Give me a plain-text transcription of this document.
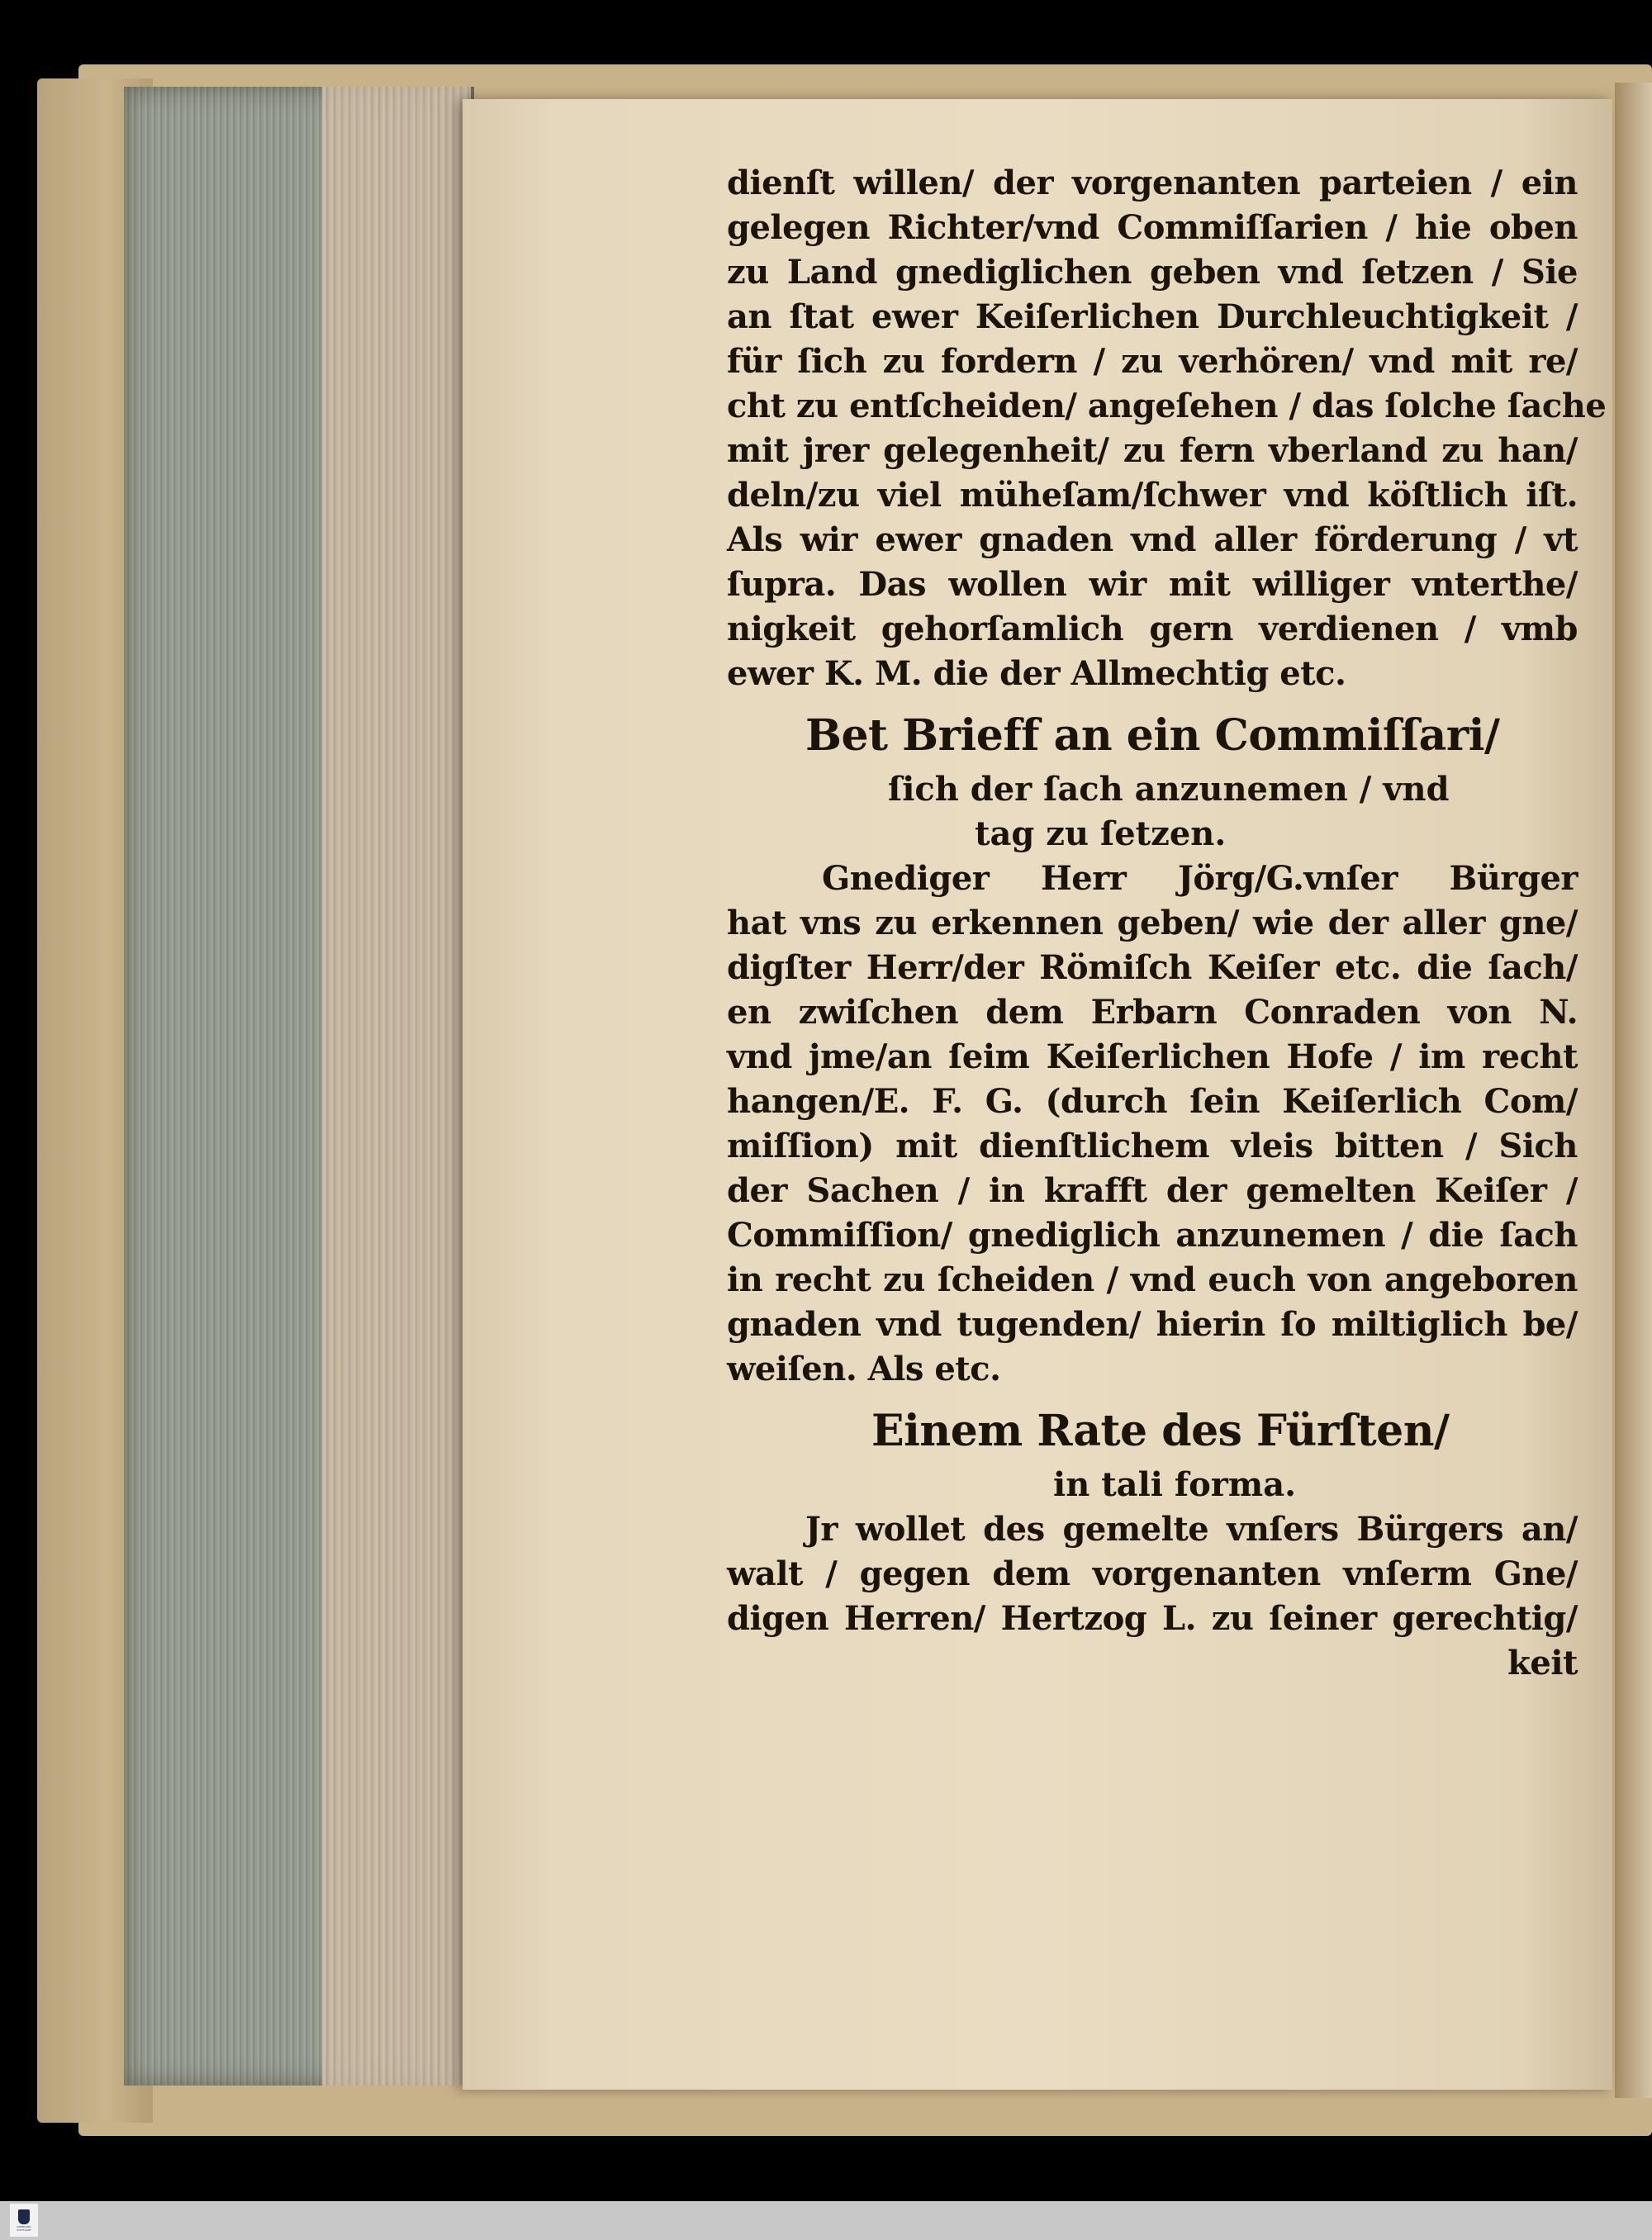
dienſt willen/ der vorgenanten parteien / ein
gelegen Richter/vnd Commiſſarien / hie oben
zu Land gnediglichen geben vnd ſetzen / Sie
an ſtat ewer Keiſerlichen Durchleuchtigkeit /
für ſich zu fordern / zu verhören/ vnd mit re/
cht zu entſcheiden/ angeſehen / das ſolche ſache
mit jrer gelegenheit/ zu fern vberland zu han/
deln/zu viel müheſam/ſchwer vnd köſtlich iſt.
Als wir ewer gnaden vnd aller förderung / vt
ſupra. Das wollen wir mit williger vnterthe/
nigkeit gehorſamlich gern verdienen / vmb
ewer K. M. die der Allmechtig etc.
Bet Brieff an ein Commiſſari/
ſich der ſach anzunemen / vnd
tag zu ſetzen.
Gnediger Herr Jörg/G.vnſer Bürger
hat vns zu erkennen geben/ wie der aller gne/
digſter Herr/der Römiſch Keiſer etc. die ſach/
en zwiſchen dem Erbarn Conraden von N.
vnd jme/an ſeim Keiſerlichen Hofe / im recht
hangen/E. F. G. (durch ſein Keiſerlich Com/
miſſion) mit dienſtlichem vleis bitten / Sich
der Sachen / in krafft der gemelten Keiſer /
Commiſſion/ gnediglich anzunemen / die ſach
in recht zu ſcheiden / vnd euch von angeboren
gnaden vnd tugenden/ hierin ſo miltiglich be/
weiſen. Als etc.
Einem Rate des Fürſten/
in tali forma.
Jr wollet des gemelte vnſers Bürgers an/
walt / gegen dem vorgenanten vnſerm Gne/
digen Herren/ Hertzog L. zu ſeiner gerechtig/
keit
SAMMLUNG
STUTTGART
